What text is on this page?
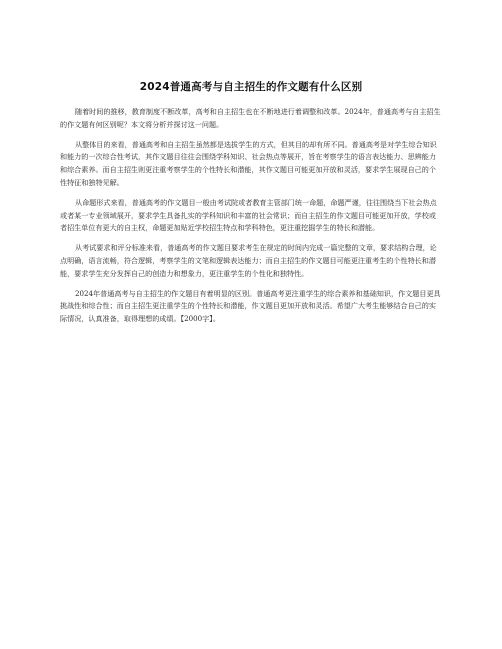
2024普通高考与自主招生的作文题有什么区别

随着时间的推移，教育制度不断改革，高考和自主招生也在不断地进行着调整和改革。2024年，普通高考与自主招生的作文题有何区别呢？本文将分析并探讨这一问题。

从整体目的来看，普通高考和自主招生虽然都是选拔学生的方式，但其目的却有所不同。普通高考是对学生综合知识和能力的一次综合性考试，其作文题目往往会围绕学科知识、社会热点等展开，旨在考察学生的语言表达能力、思辨能力和综合素养。而自主招生则更注重考察学生的个性特长和潜能，其作文题目可能更加开放和灵活，要求学生展现自己的个性特征和独特见解。

从命题形式来看，普通高考的作文题目一般由考试院或者教育主管部门统一命题，命题严谨，往往围绕当下社会热点或者某一专业领域展开，要求学生具备扎实的学科知识和丰富的社会常识；而自主招生的作文题目可能更加开放，学校或者招生单位有更大的自主权，命题更加贴近学校招生特点和学科特色，更注重挖掘学生的特长和潜能。

从考试要求和评分标准来看，普通高考的作文题目要求考生在规定的时间内完成一篇完整的文章，要求结构合理，论点明确，语言流畅，符合逻辑，考察学生的文笔和逻辑表达能力；而自主招生的作文题目可能更注重考生的个性特长和潜能，要求学生充分发挥自己的创造力和想象力，更注重学生的个性化和独特性。

2024年普通高考与自主招生的作文题目有着明显的区别。普通高考更注重学生的综合素养和基础知识，作文题目更具挑战性和综合性；而自主招生更注重学生的个性特长和潜能，作文题目更加开放和灵活。希望广大考生能够结合自己的实际情况，认真准备，取得理想的成绩。【2000字】。
